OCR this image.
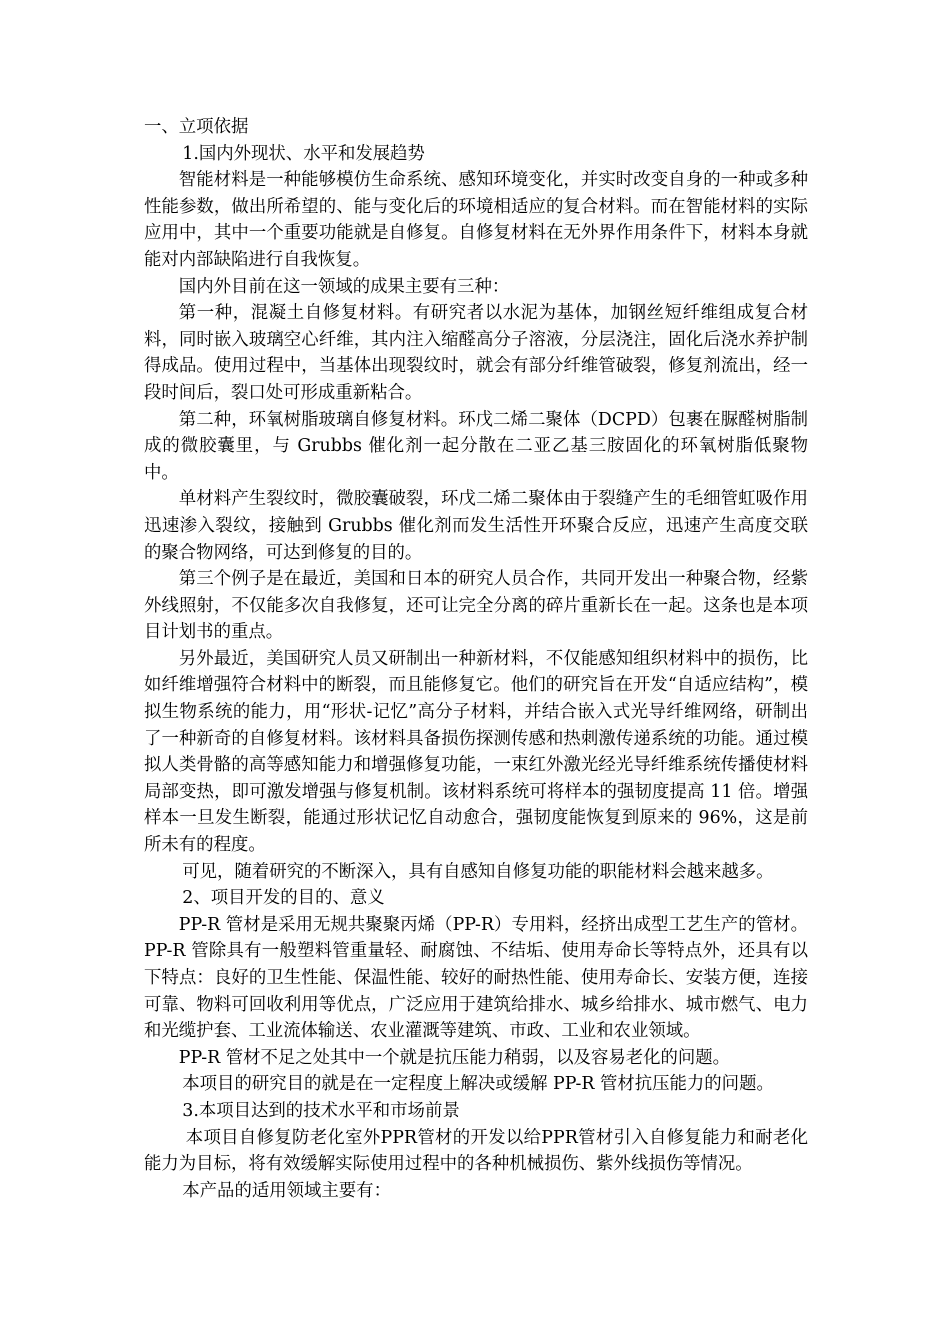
一、立项依据

1.国内外现状、水平和发展趋势

智能材料是一种能够模仿生命系统、感知环境变化，并实时改变自身的一种或多种性能参数，做出所希望的、能与变化后的环境相适应的复合材料。而在智能材料的实际应用中，其中一个重要功能就是自修复。自修复材料在无外界作用条件下，材料本身就能对内部缺陷进行自我恢复。

国内外目前在这一领域的成果主要有三种：

第一种，混凝土自修复材料。有研究者以水泥为基体，加钢丝短纤维组成复合材料，同时嵌入玻璃空心纤维，其内注入缩醛高分子溶液，分层浇注，固化后浇水养护制得成品。使用过程中，当基体出现裂纹时，就会有部分纤维管破裂，修复剂流出，经一段时间后，裂口处可形成重新粘合。

第二种，环氧树脂玻璃自修复材料。环戊二烯二聚体（DCPD）包裹在脲醛树脂制成的微胶囊里，与 Grubbs 催化剂一起分散在二亚乙基三胺固化的环氧树脂低聚物中。

单材料产生裂纹时，微胶囊破裂，环戊二烯二聚体由于裂缝产生的毛细管虹吸作用迅速渗入裂纹，接触到 Grubbs 催化剂而发生活性开环聚合反应，迅速产生高度交联的聚合物网络，可达到修复的目的。

第三个例子是在最近，美国和日本的研究人员合作，共同开发出一种聚合物，经紫外线照射，不仅能多次自我修复，还可让完全分离的碎片重新长在一起。这条也是本项目计划书的重点。

另外最近，美国研究人员又研制出一种新材料，不仅能感知组织材料中的损伤，比如纤维增强符合材料中的断裂，而且能修复它。他们的研究旨在开发“自适应结构”，模拟生物系统的能力，用“形状-记忆”高分子材料，并结合嵌入式光导纤维网络，研制出了一种新奇的自修复材料。该材料具备损伤探测传感和热刺激传递系统的功能。通过模拟人类骨骼的高等感知能力和增强修复功能，一束红外激光经光导纤维系统传播使材料局部变热，即可激发增强与修复机制。该材料系统可将样本的强韧度提高 11 倍。增强样本一旦发生断裂，能通过形状记忆自动愈合，强韧度能恢复到原来的 96%，这是前所未有的程度。

可见，随着研究的不断深入，具有自感知自修复功能的职能材料会越来越多。

2、项目开发的目的、意义

PP-R 管材是采用无规共聚聚丙烯（PP-R）专用料，经挤出成型工艺生产的管材。PP-R 管除具有一般塑料管重量轻、耐腐蚀、不结垢、使用寿命长等特点外，还具有以下特点：良好的卫生性能、保温性能、较好的耐热性能、使用寿命长、安装方便，连接可靠、物料可回收利用等优点，广泛应用于建筑给排水、城乡给排水、城市燃气、电力和光缆护套、工业流体输送、农业灌溉等建筑、市政、工业和农业领域。

PP-R 管材不足之处其中一个就是抗压能力稍弱，以及容易老化的问题。

本项目的研究目的就是在一定程度上解决或缓解 PP-R 管材抗压能力的问题。

3.本项目达到的技术水平和市场前景

本项目自修复防老化室外PPR管材的开发以给PPR管材引入自修复能力和耐老化能力为目标，将有效缓解实际使用过程中的各种机械损伤、紫外线损伤等情况。

本产品的适用领域主要有：
